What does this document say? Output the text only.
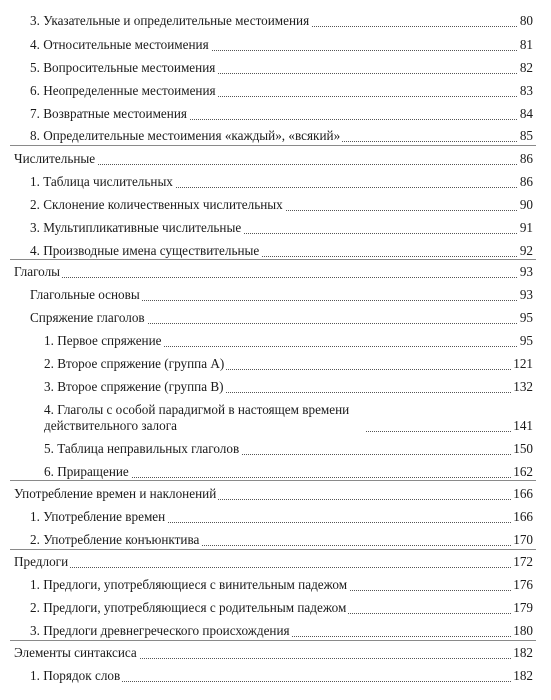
3. Указательные и определительные местоимения	80
4. Относительные местоимения	81
5. Вопросительные местоимения	82
6. Неопределенные местоимения	83
7. Возвратные местоимения	84
8. Определительные местоимения «каждый», «всякий»	85
Числительные	86
1. Таблица числительных	86
2. Склонение количественных числительных	90
3. Мультипликативные числительные	91
4. Производные имена существительные	92
Глаголы	93
Глагольные основы	93
Спряжение глаголов	95
1. Первое спряжение	95
2. Второе спряжение (группа А)	121
3. Второе спряжение (группа В)	132
4. Глаголы с особой парадигмой в настоящем времени действительного залога	141
5. Таблица неправильных глаголов	150
6. Приращение	162
Употребление времен и наклонений	166
1. Употребление времен	166
2. Употребление конъюнктива	170
Предлоги	172
1. Предлоги, употребляющиеся с винительным падежом	176
2. Предлоги, употребляющиеся с родительным падежом	179
3. Предлоги древнегреческого происхождения	180
Элементы синтаксиса	182
1. Порядок слов	182
